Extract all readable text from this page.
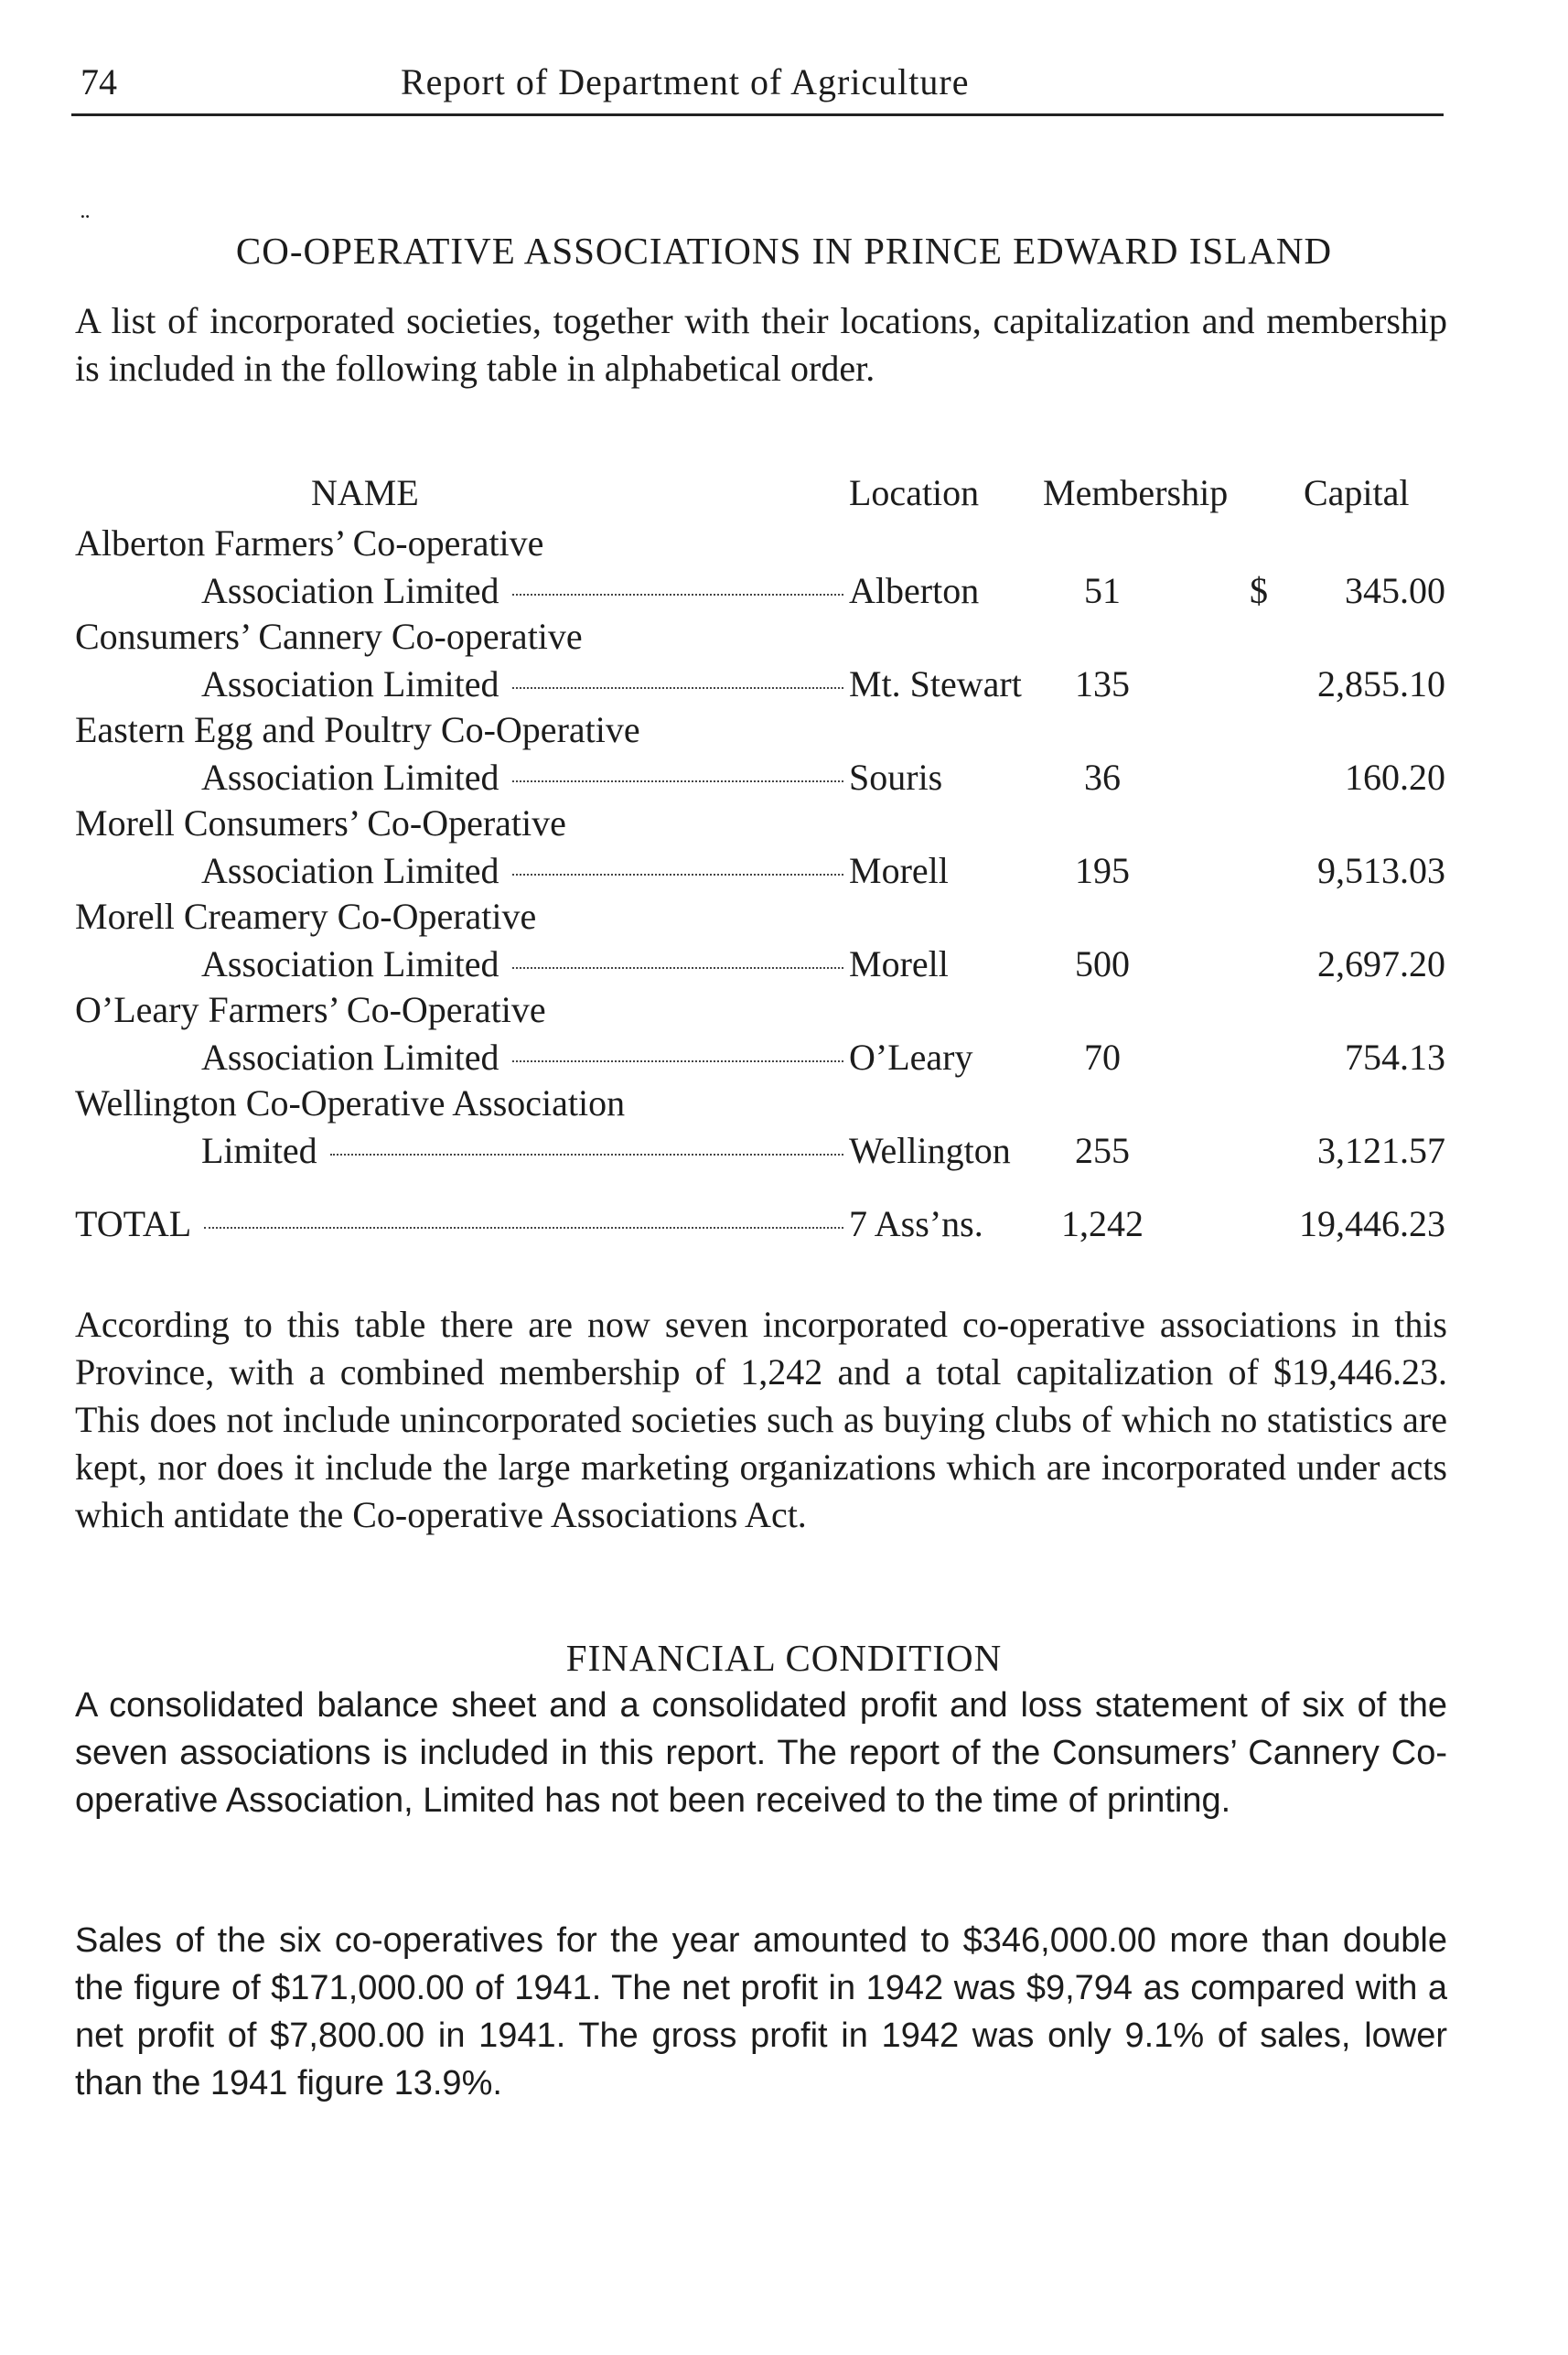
74	Report of Department of Agriculture
¨
CO-OPERATIVE ASSOCIATIONS IN PRINCE EDWARD ISLAND
A list of incorporated societies, together with their locations, capitalization and membership is included in the following table in alphabetical order.
NAME	Location Membership Capital
Alberton Farmers’ Co-operative
Association Limited	Alberton	51	$	345.00
Consumers’ Cannery Co-operative
Association Limited	Mt. Stewart	135	2,855.10
Eastern Egg and Poultry Co-Operative
Association Limited	Souris	36	160.20
Morell Consumers’ Co-Operative
Association Limited	Morell	195	9,513.03
Morell Creamery Co-Operative
Association Limited	Morell	500	2,697.20
O’Leary Farmers’ Co-Operative
Association Limited	O’Leary	70	754.13
Wellington Co-Operative Association
Limited	Wellington	255	3,121.57
TOTAL	7 Ass’ns.	1,242	19,446.23
According to this table there are now seven incorporated co-operative associations in this Province, with a combined membership of 1,242 and a total capitalization of $19,446.23. This does not include unincorporated societies such as buying clubs of which no statistics are kept, nor does it include the large marketing organizations which are incorporated under acts which antidate the Co-operative Associations Act.
FINANCIAL CONDITION
A consolidated balance sheet and a consolidated profit and loss statement of six of the seven associations is included in this report. The report of the Consumers’ Cannery Co-operative Association, Limited has not been received to the time of printing.
Sales of the six co-operatives for the year amounted to $346,000.00 more than double the figure of $171,000.00 of 1941. The net profit in 1942 was $9,794 as compared with a net profit of $7,800.00 in 1941. The gross profit in 1942 was only 9.1% of sales, lower than the 1941 figure 13.9%.
